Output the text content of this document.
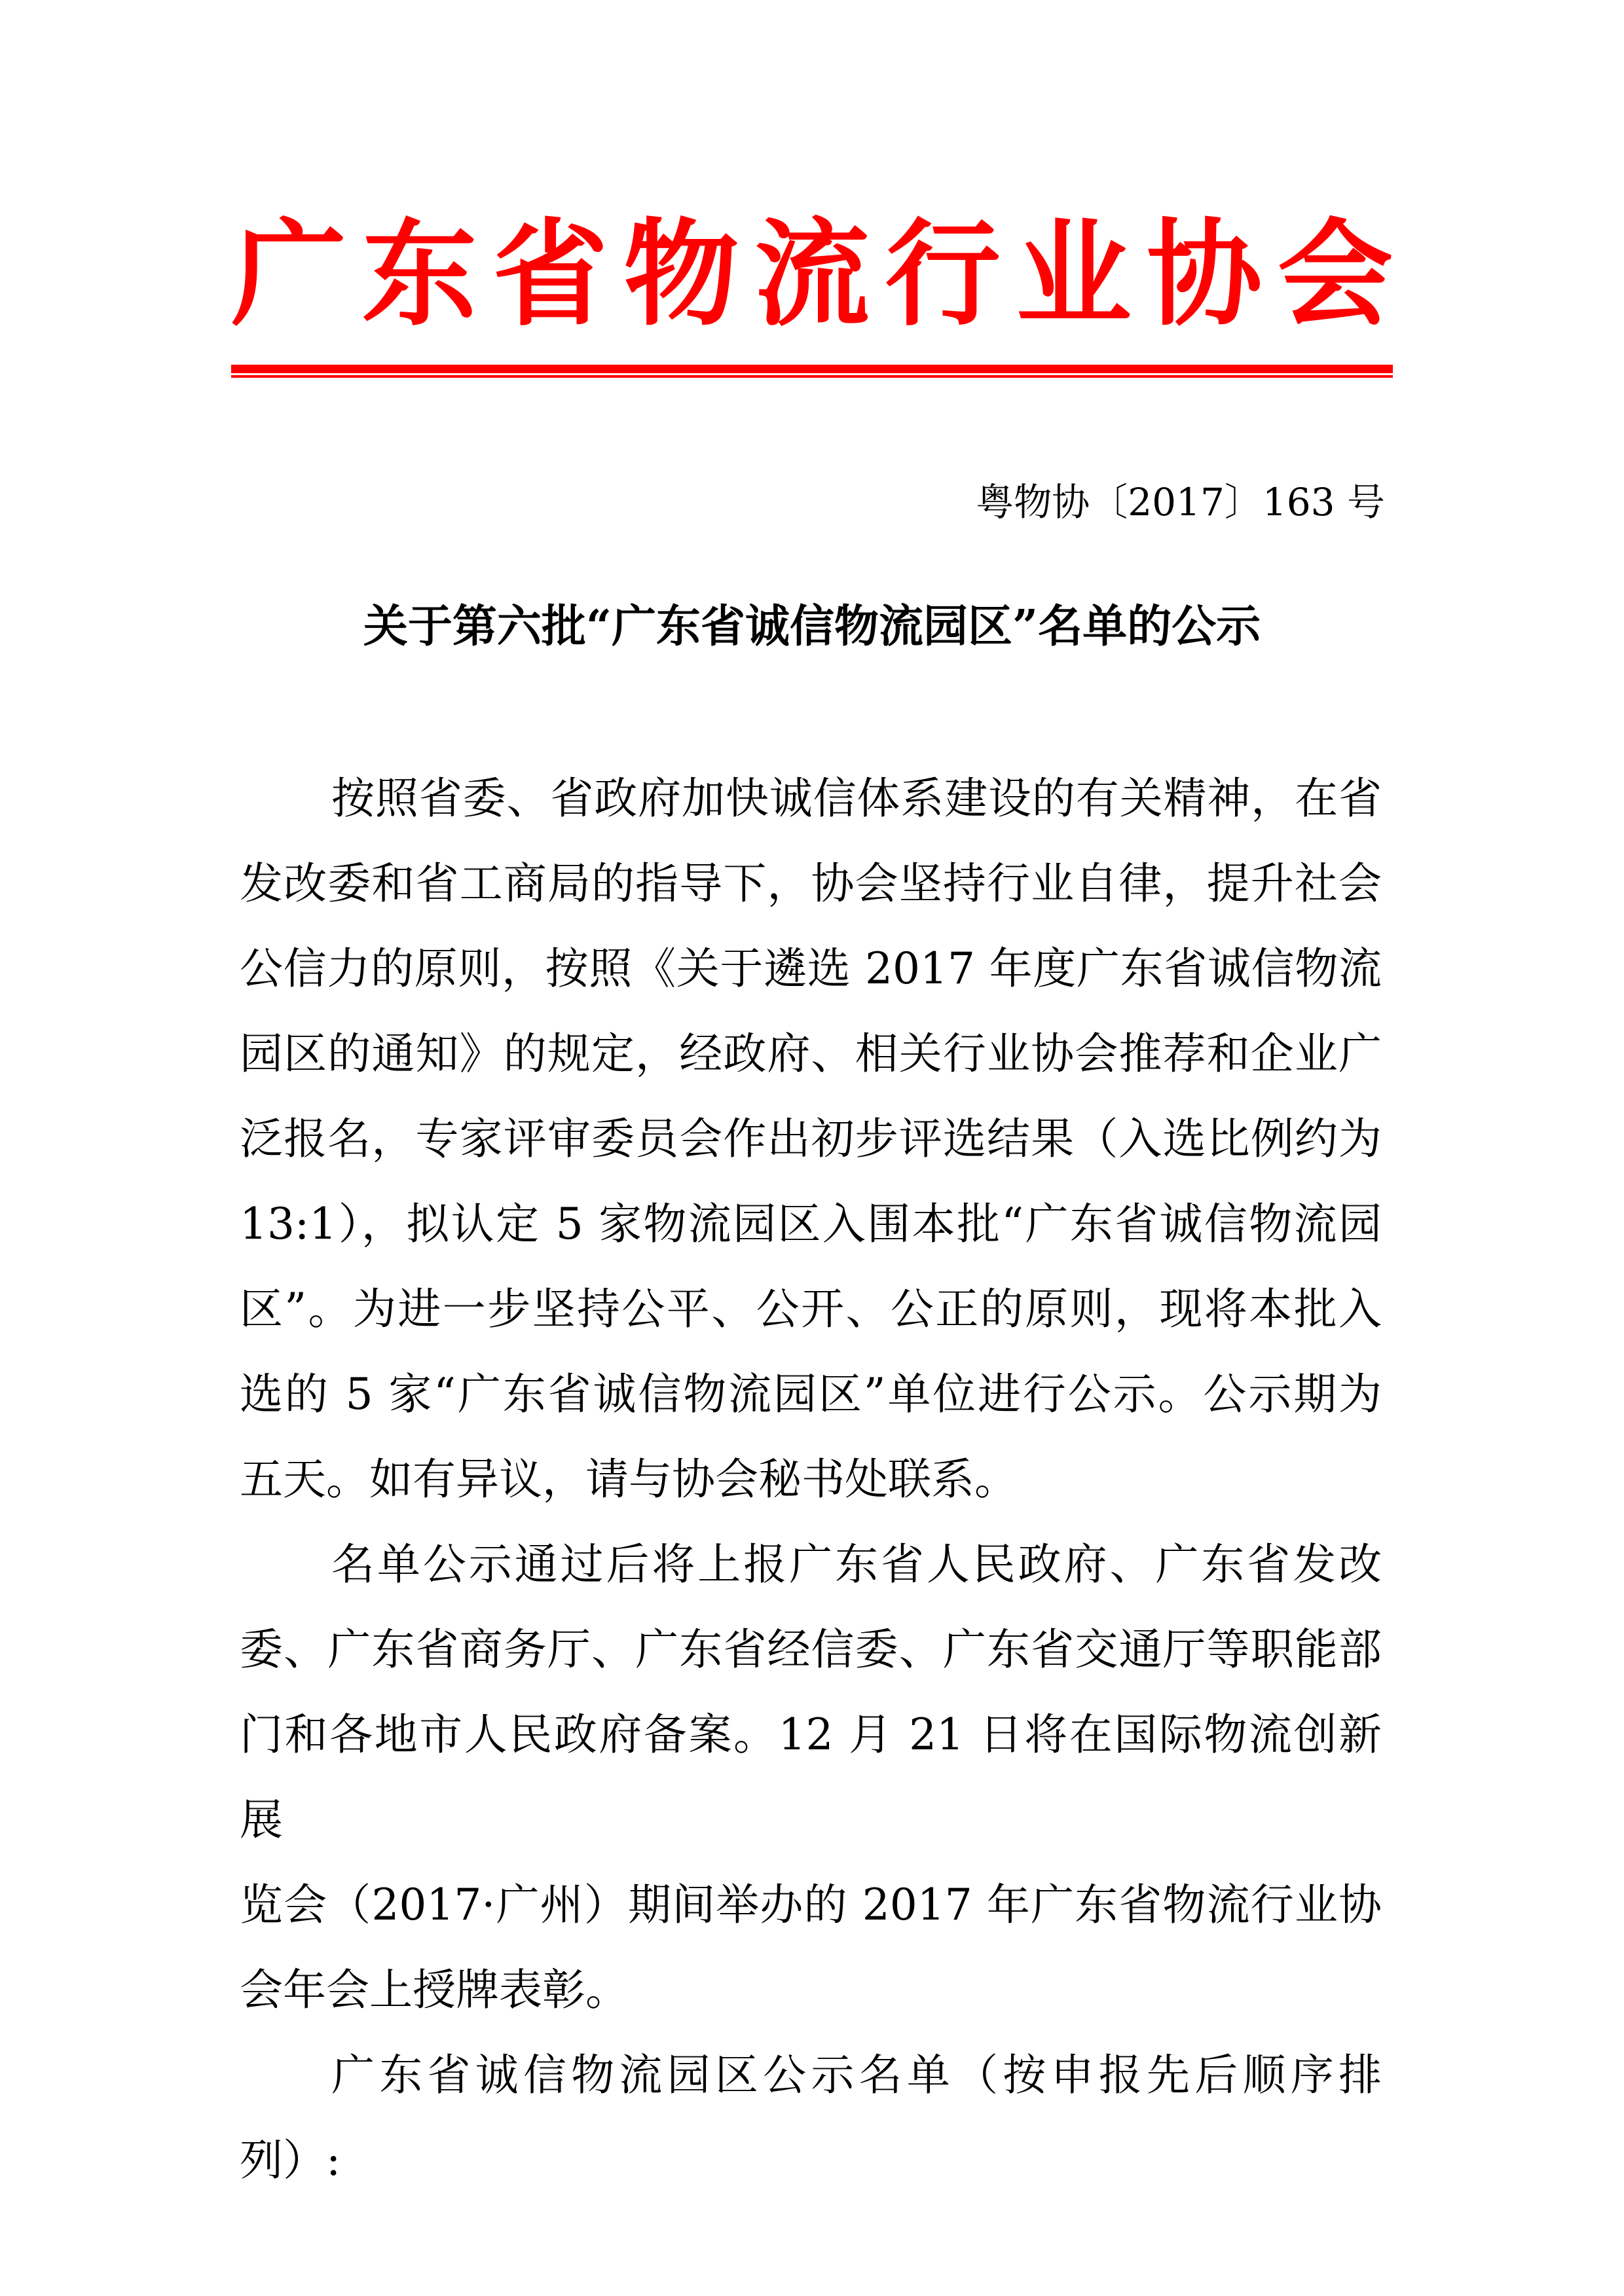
广东省物流行业协会
粤物协〔2017〕163 号
关于第六批“广东省诚信物流园区”名单的公示
按照省委、省政府加快诚信体系建设的有关精神，在省
发改委和省工商局的指导下，协会坚持行业自律，提升社会
公信力的原则，按照《关于遴选 2017 年度广东省诚信物流
园区的通知》的规定，经政府、相关行业协会推荐和企业广
泛报名，专家评审委员会作出初步评选结果（入选比例约为
13:1），拟认定 5 家物流园区入围本批“广东省诚信物流园
区”。为进一步坚持公平、公开、公正的原则，现将本批入
选的 5 家“广东省诚信物流园区”单位进行公示。公示期为
五天。如有异议，请与协会秘书处联系。
名单公示通过后将上报广东省人民政府、广东省发改
委、广东省商务厅、广东省经信委、广东省交通厅等职能部
门和各地市人民政府备案。12 月 21 日将在国际物流创新展
览会（2017·广州）期间举办的 2017 年广东省物流行业协
会年会上授牌表彰。
广东省诚信物流园区公示名单（按申报先后顺序排列）:
